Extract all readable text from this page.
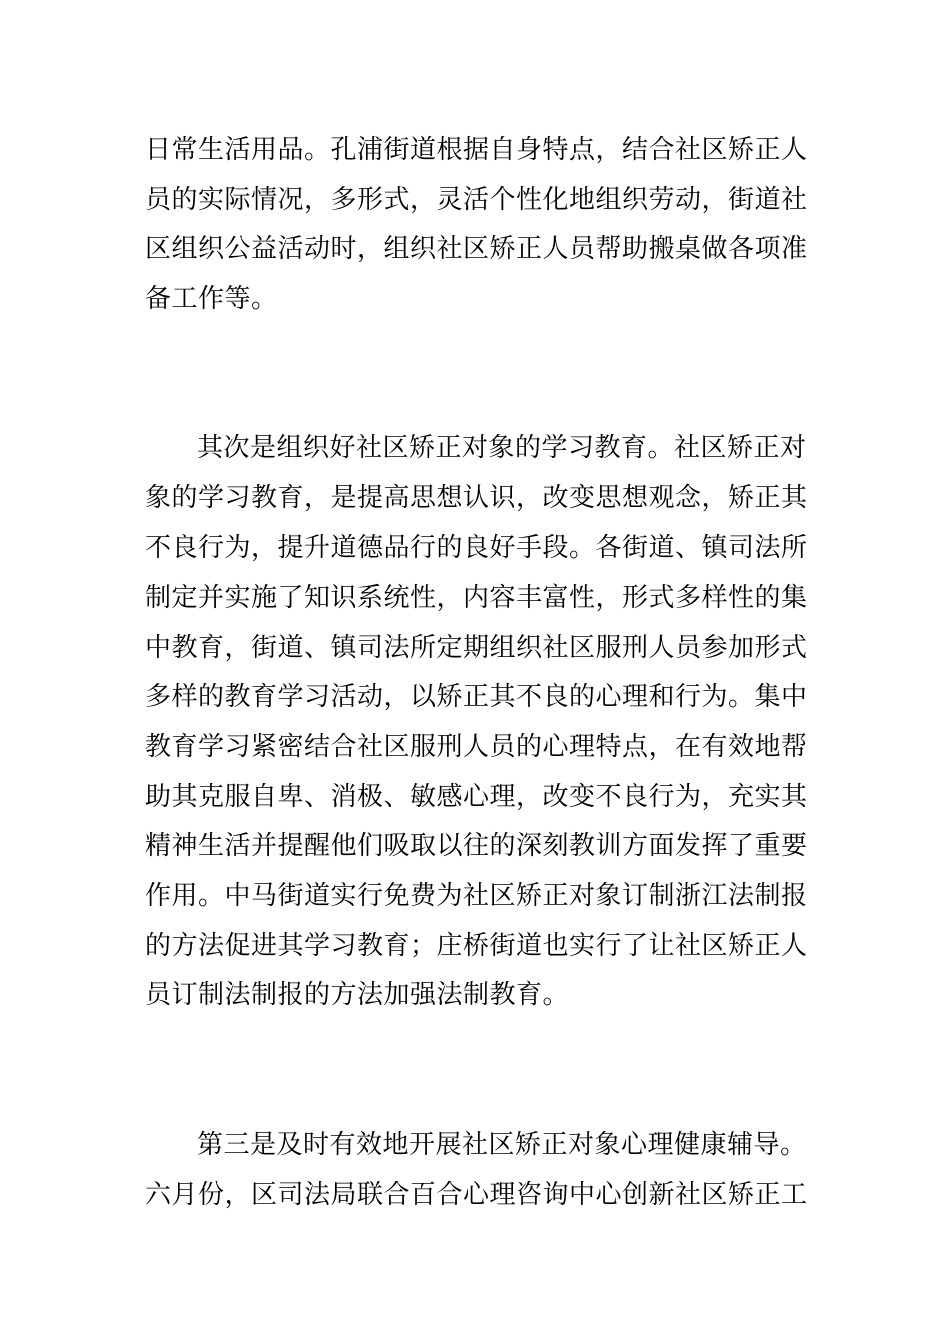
日常生活用品。孔浦街道根据自身特点，结合社区矫正人
员的实际情况，多形式，灵活个性化地组织劳动，街道社
区组织公益活动时，组织社区矫正人员帮助搬桌做各项准
备工作等。
其次是组织好社区矫正对象的学习教育。社区矫正对
象的学习教育，是提高思想认识，改变思想观念，矫正其
不良行为，提升道德品行的良好手段。各街道、镇司法所
制定并实施了知识系统性，内容丰富性，形式多样性的集
中教育，街道、镇司法所定期组织社区服刑人员参加形式
多样的教育学习活动，以矫正其不良的心理和行为。集中
教育学习紧密结合社区服刑人员的心理特点，在有效地帮
助其克服自卑、消极、敏感心理，改变不良行为，充实其
精神生活并提醒他们吸取以往的深刻教训方面发挥了重要
作用。中马街道实行免费为社区矫正对象订制浙江法制报
的方法促进其学习教育；庄桥街道也实行了让社区矫正人
员订制法制报的方法加强法制教育。
第三是及时有效地开展社区矫正对象心理健康辅导。
六月份，区司法局联合百合心理咨询中心创新社区矫正工
